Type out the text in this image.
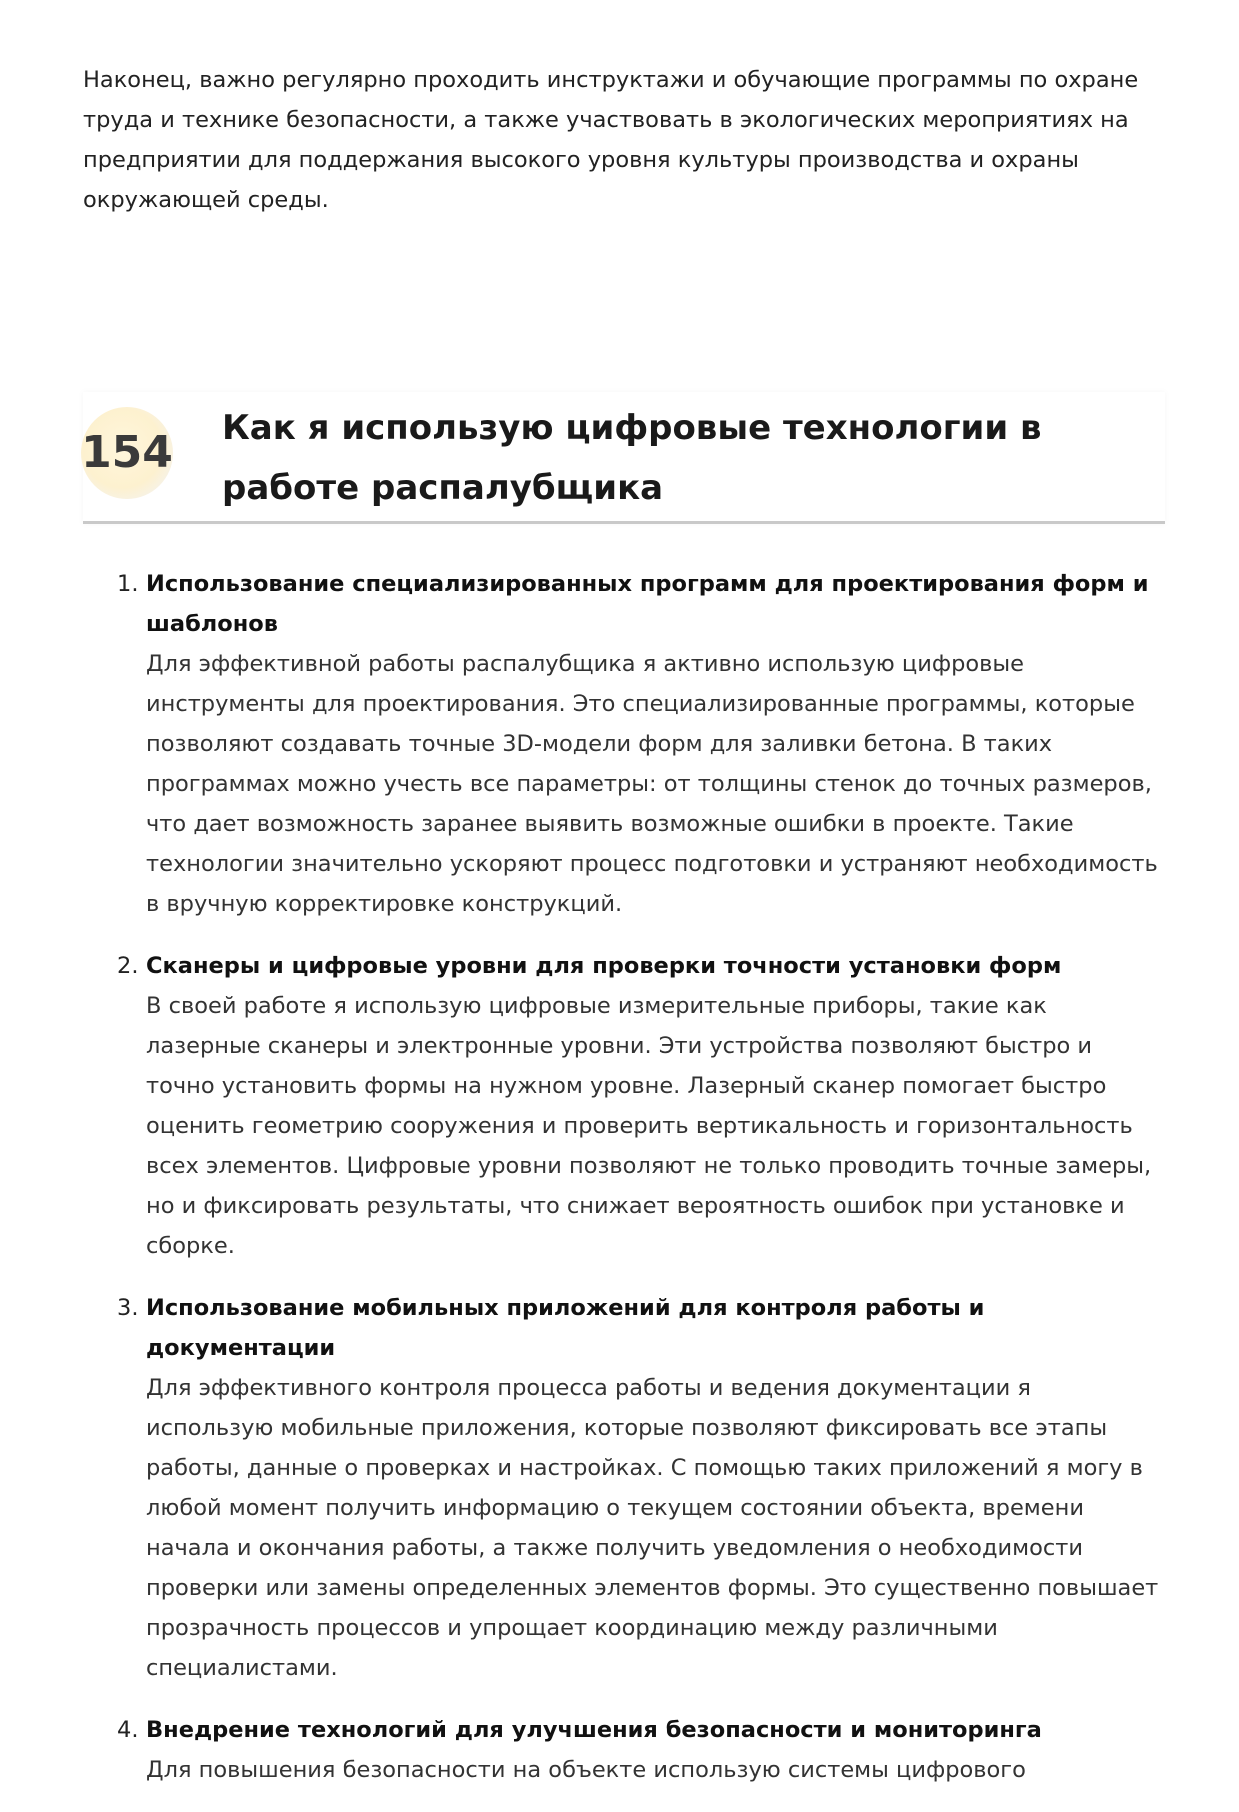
Наконец, важно регулярно проходить инструктажи и обучающие программы по охране труда и технике безопасности, а также участвовать в экологических мероприятиях на предприятии для поддержания высокого уровня культуры производства и охраны окружающей среды.

154 Как я использую цифровые технологии в работе распалубщика
1. Использование специализированных программ для проектирования форм и шаблонов
Для эффективной работы распалубщика я активно использую цифровые инструменты для проектирования. Это специализированные программы, которые позволяют создавать точные 3D-модели форм для заливки бетона. В таких программах можно учесть все параметры: от толщины стенок до точных размеров, что дает возможность заранее выявить возможные ошибки в проекте. Такие технологии значительно ускоряют процесс подготовки и устраняют необходимость в вручную корректировке конструкций.
2. Сканеры и цифровые уровни для проверки точности установки форм
В своей работе я использую цифровые измерительные приборы, такие как лазерные сканеры и электронные уровни. Эти устройства позволяют быстро и точно установить формы на нужном уровне. Лазерный сканер помогает быстро оценить геометрию сооружения и проверить вертикальность и горизонтальность всех элементов. Цифровые уровни позволяют не только проводить точные замеры, но и фиксировать результаты, что снижает вероятность ошибок при установке и сборке.
3. Использование мобильных приложений для контроля работы и документации
Для эффективного контроля процесса работы и ведения документации я использую мобильные приложения, которые позволяют фиксировать все этапы работы, данные о проверках и настройках. С помощью таких приложений я могу в любой момент получить информацию о текущем состоянии объекта, времени начала и окончания работы, а также получить уведомления о необходимости проверки или замены определенных элементов формы. Это существенно повышает прозрачность процессов и упрощает координацию между различными специалистами.
4. Внедрение технологий для улучшения безопасности и мониторинга
Для повышения безопасности на объекте использую системы цифрового
